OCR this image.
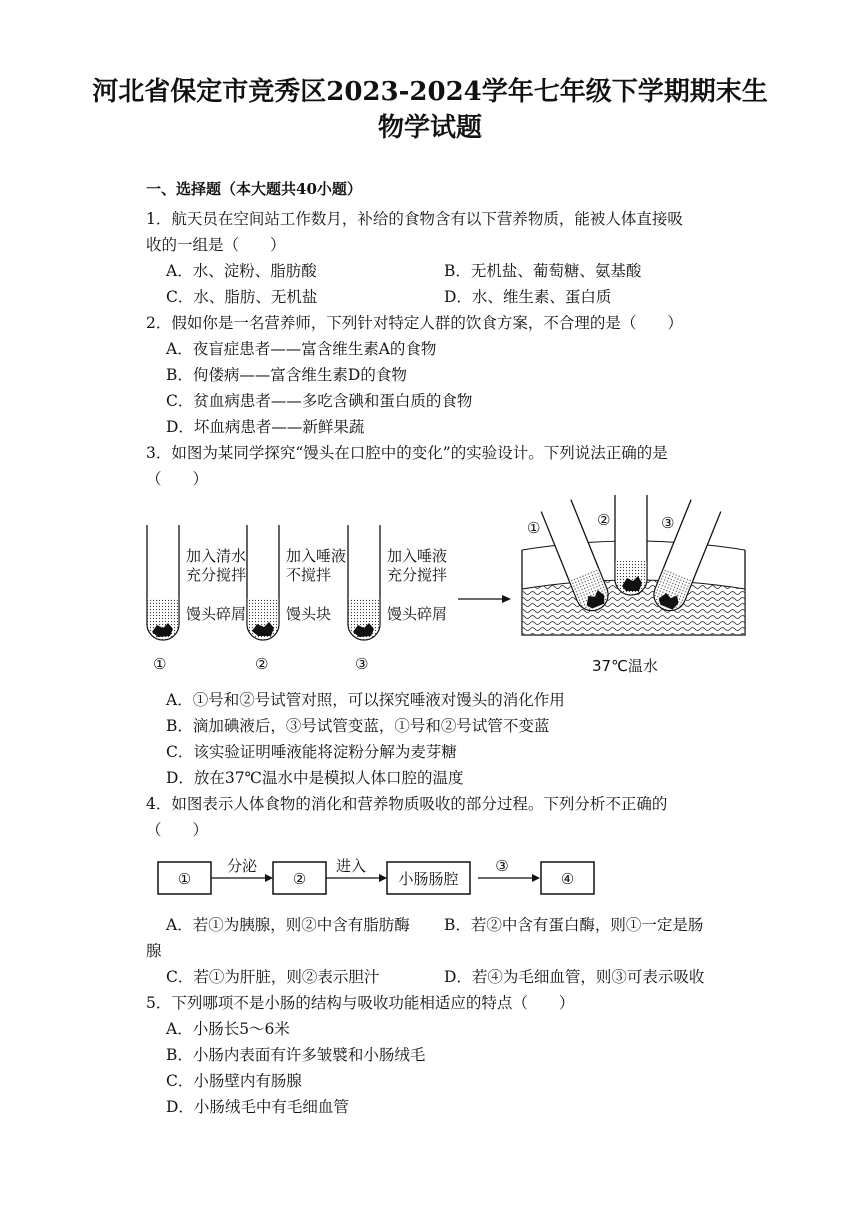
河北省保定市竞秀区2023-2024学年七年级下学期期末生
物学试题
一、选择题（本大题共40小题）
1．航天员在空间站工作数月，补给的食物含有以下营养物质，能被人体直接吸
收的一组是（　　）
A．水、淀粉、脂肪酸	B．无机盐、葡萄糖、氨基酸
C．水、脂肪、无机盐	D．水、维生素、蛋白质
2．假如你是一名营养师，下列针对特定人群的饮食方案，不合理的是（　　）
A．夜盲症患者——富含维生素A的食物
B．佝偻病——富含维生素D的食物
C．贫血病患者——多吃含碘和蛋白质的食物
D．坏血病患者——新鲜果蔬
3．如图为某同学探究“馒头在口腔中的变化”的实验设计。下列说法正确的是
（　　）
加入清水
充分搅拌
馒头碎屑
①
加入唾液
不搅拌
馒头块
②
加入唾液
充分搅拌
馒头碎屑
③
①	②	③
37℃温水
A．①号和②号试管对照，可以探究唾液对馒头的消化作用
B．滴加碘液后，③号试管变蓝，①号和②号试管不变蓝
C．该实验证明唾液能将淀粉分解为麦芽糖
D．放在37℃温水中是模拟人体口腔的温度
4．如图表示人体食物的消化和营养物质吸收的部分过程。下列分析不正确的
（　　）
①
分泌
②
进入
小肠肠腔
③
④
A．若①为胰腺，则②中含有脂肪酶 B．若②中含有蛋白酶，则①一定是肠
腺
C．若①为肝脏，则②表示胆汁	D．若④为毛细血管，则③可表示吸收
5．下列哪项不是小肠的结构与吸收功能相适应的特点（　　）
A．小肠长5～6米
B．小肠内表面有许多皱襞和小肠绒毛
C．小肠壁内有肠腺
D．小肠绒毛中有毛细血管
